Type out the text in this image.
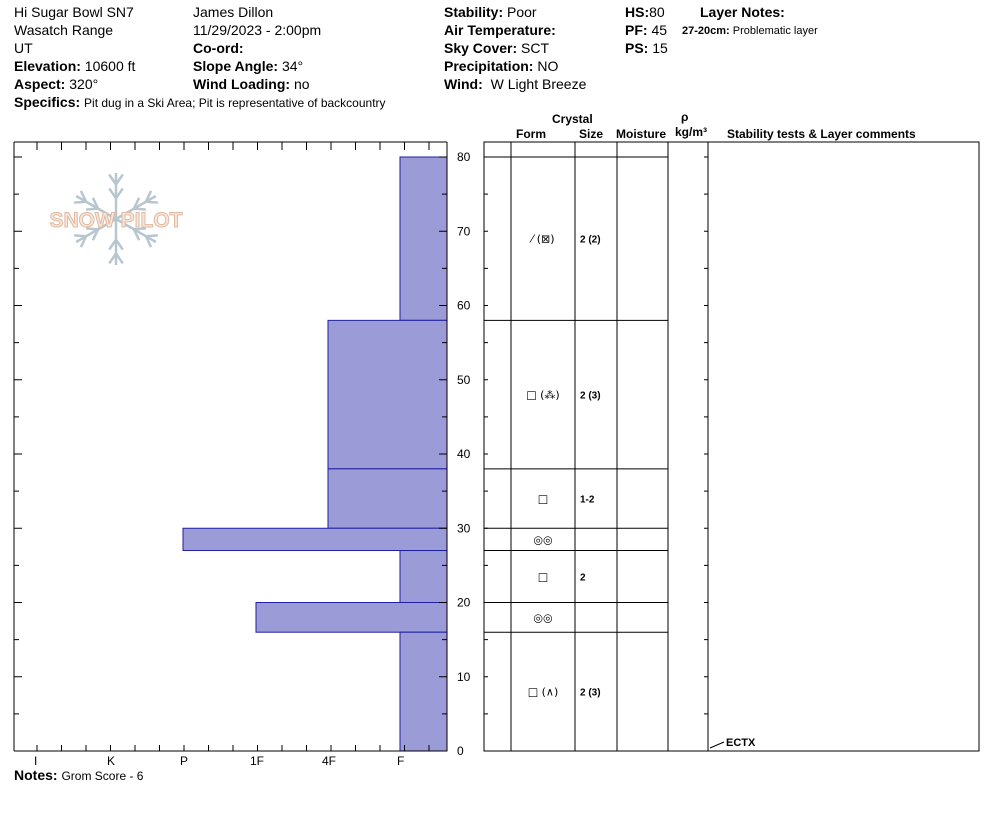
Hi Sugar Bowl SN7
Wasatch Range
UT
Elevation: 10600 ft
Aspect: 320°
Specifics: Pit dug in a Ski Area; Pit is representative of backcountry
James Dillon
11/29/2023 - 2:00pm
Co-ord:
Slope Angle: 34°
Wind Loading: no
Stability: Poor
Air Temperature:
Sky Cover: SCT
Precipitation: NO
Wind: W Light Breeze
HS:80
PF: 45
PS: 15
Layer Notes:
27-20cm: Problematic layer
Crystal
Form	Size Moisture
ρ
kg/m³ Stability tests & Layer comments
Notes: Grom Score - 6
SNOW PILOT
0
10
20
30
40
50
60
70
80
I	K	P	1F	4F	F
⁄ (⊠)	2 (2)
□ (⁂) 2 (3)
□	1-2
◎◎
□	2
◎◎
□ (∧) 2 (3)
ECTX
